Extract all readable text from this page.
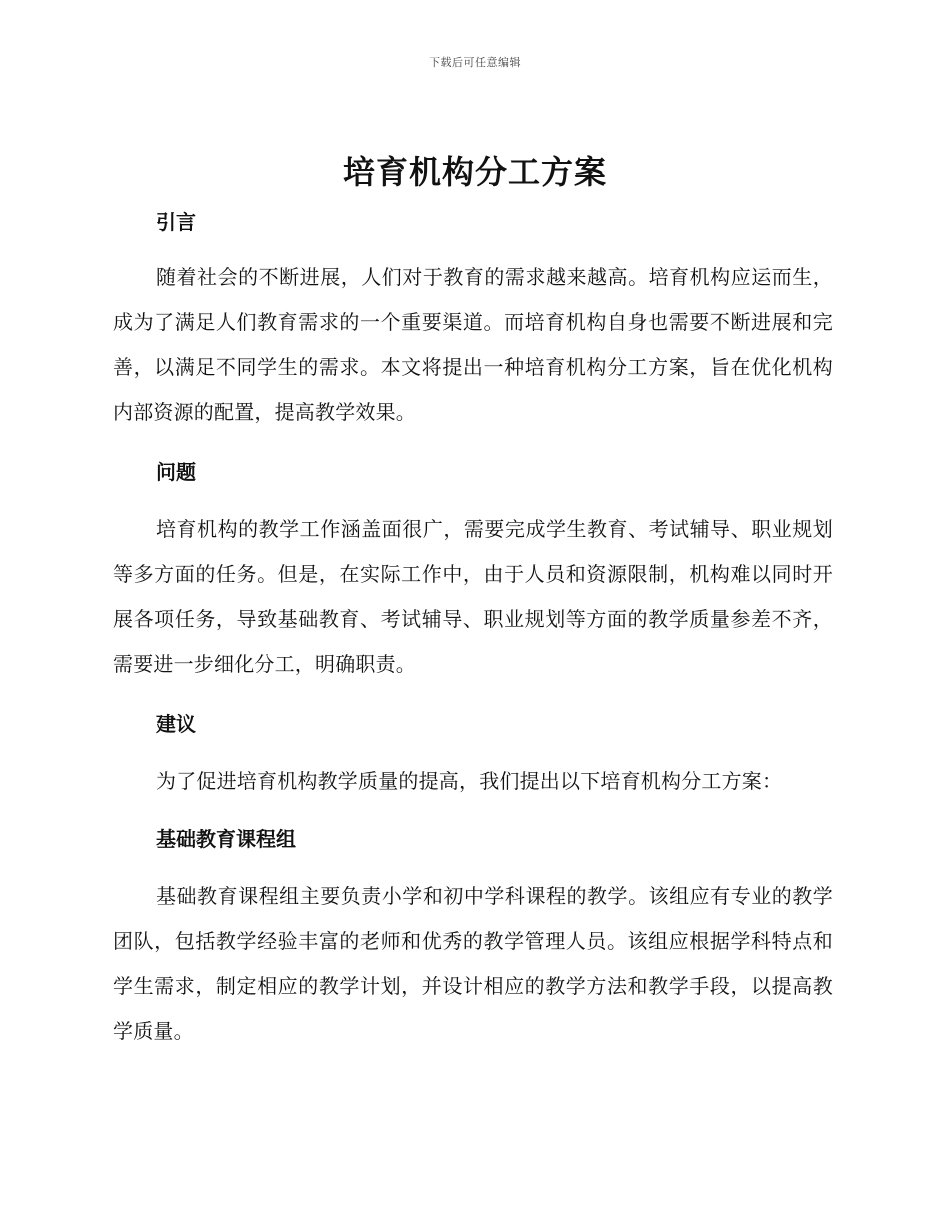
下载后可任意编辑
培育机构分工方案
引言

随着社会的不断进展，人们对于教育的需求越来越高。培育机构应运而生，成为了满足人们教育需求的一个重要渠道。而培育机构自身也需要不断进展和完善，以满足不同学生的需求。本文将提出一种培育机构分工方案，旨在优化机构内部资源的配置，提高教学效果。

问题

培育机构的教学工作涵盖面很广，需要完成学生教育、考试辅导、职业规划等多方面的任务。但是，在实际工作中，由于人员和资源限制，机构难以同时开展各项任务，导致基础教育、考试辅导、职业规划等方面的教学质量参差不齐，需要进一步细化分工，明确职责。

建议

为了促进培育机构教学质量的提高，我们提出以下培育机构分工方案：

基础教育课程组

基础教育课程组主要负责小学和初中学科课程的教学。该组应有专业的教学团队，包括教学经验丰富的老师和优秀的教学管理人员。该组应根据学科特点和学生需求，制定相应的教学计划，并设计相应的教学方法和教学手段，以提高教学质量。
